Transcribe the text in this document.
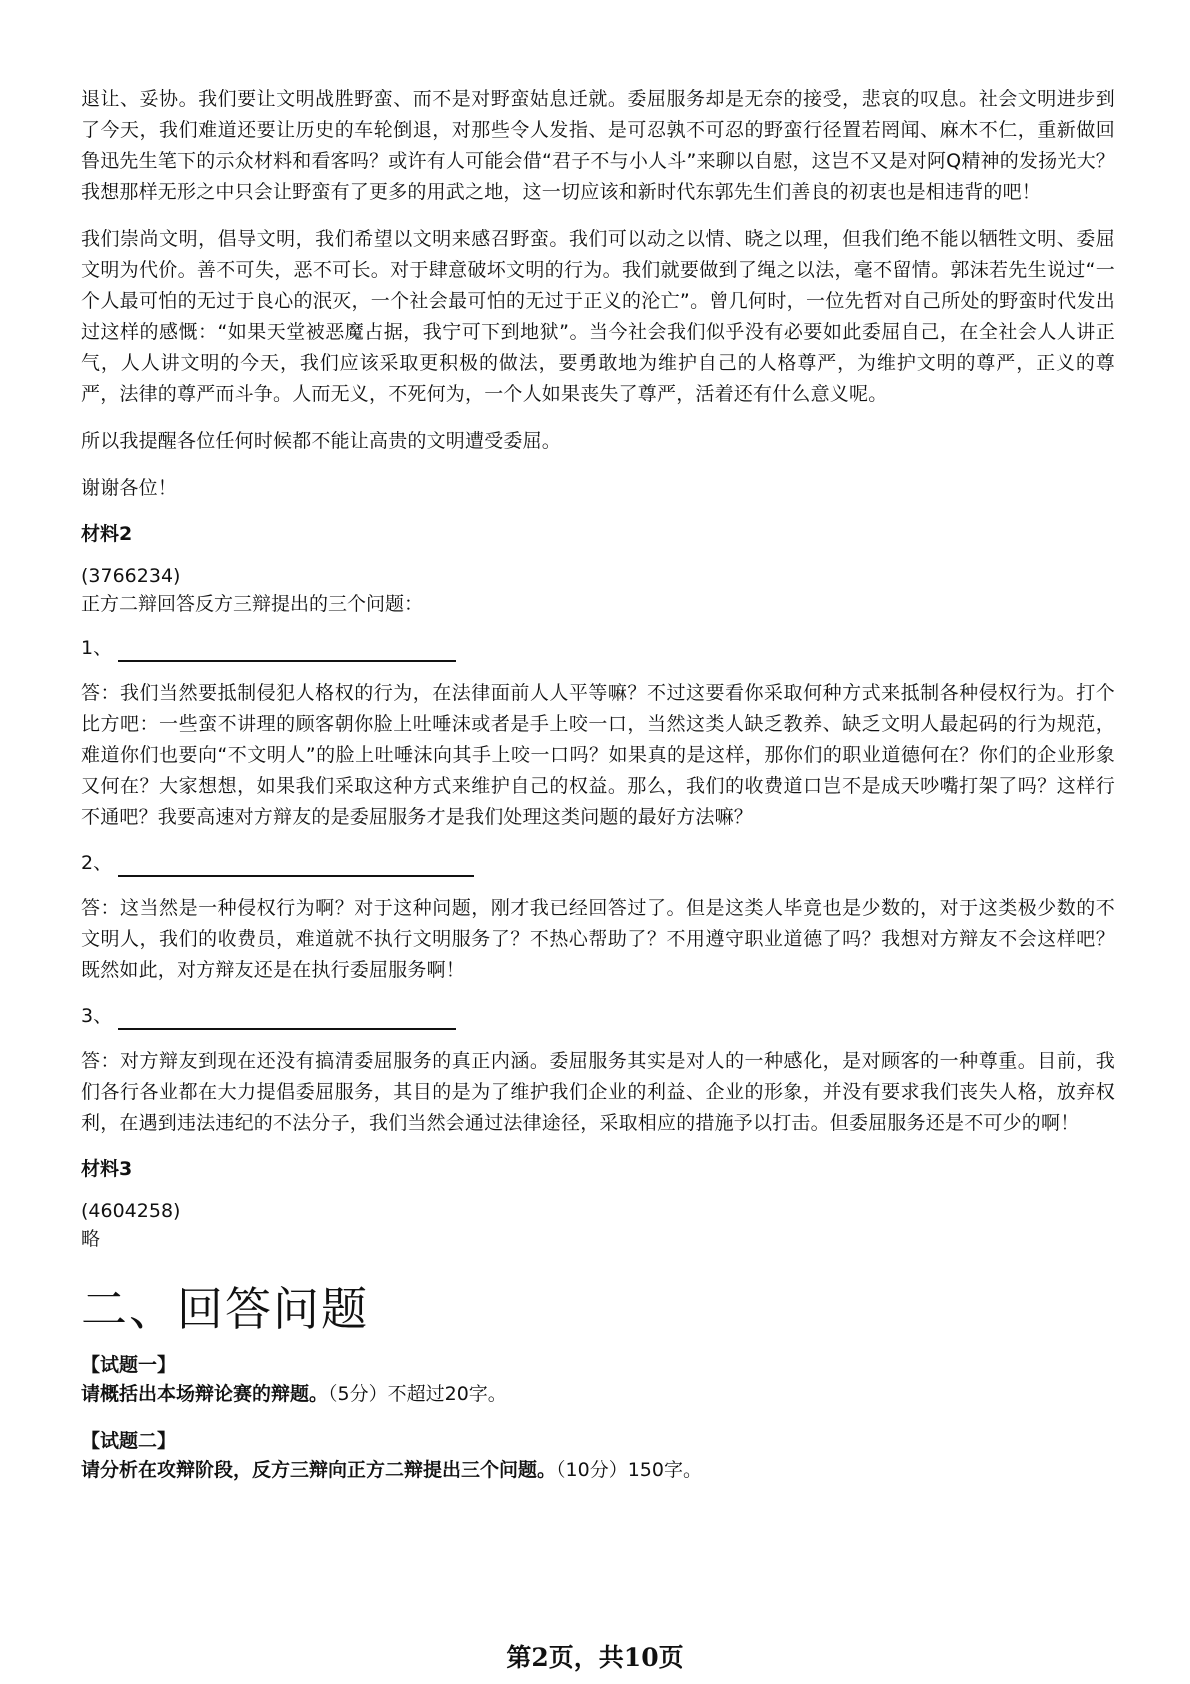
退让、妥协。我们要让文明战胜野蛮、而不是对野蛮姑息迁就。委屈服务却是无奈的接受，悲哀的叹息。社会文明进步到了今天，我们难道还要让历史的车轮倒退，对那些令人发指、是可忍孰不可忍的野蛮行径置若罔闻、麻木不仁，重新做回鲁迅先生笔下的示众材料和看客吗？或许有人可能会借“君子不与小人斗”来聊以自慰，这岂不又是对阿Q精神的发扬光大？我想那样无形之中只会让野蛮有了更多的用武之地，这一切应该和新时代东郭先生们善良的初衷也是相违背的吧！

我们崇尚文明，倡导文明，我们希望以文明来感召野蛮。我们可以动之以情、晓之以理，但我们绝不能以牺牲文明、委屈文明为代价。善不可失，恶不可长。对于肆意破坏文明的行为。我们就要做到了绳之以法，毫不留情。郭沫若先生说过“一个人最可怕的无过于良心的泯灭，一个社会最可怕的无过于正义的沦亡”。曾几何时，一位先哲对自己所处的野蛮时代发出过这样的感慨：“如果天堂被恶魔占据，我宁可下到地狱”。当今社会我们似乎没有必要如此委屈自己，在全社会人人讲正气，人人讲文明的今天，我们应该采取更积极的做法，要勇敢地为维护自己的人格尊严，为维护文明的尊严，正义的尊严，法律的尊严而斗争。人而无义，不死何为，一个人如果丧失了尊严，活着还有什么意义呢。

所以我提醒各位任何时候都不能让高贵的文明遭受委屈。

谢谢各位！

材料2

(3766234)

正方二辩回答反方三辩提出的三个问题：

1、

答：我们当然要抵制侵犯人格权的行为，在法律面前人人平等嘛？不过这要看你采取何种方式来抵制各种侵权行为。打个比方吧：一些蛮不讲理的顾客朝你脸上吐唾沫或者是手上咬一口，当然这类人缺乏教养、缺乏文明人最起码的行为规范，难道你们也要向“不文明人”的脸上吐唾沫向其手上咬一口吗？如果真的是这样，那你们的职业道德何在？你们的企业形象又何在？大家想想，如果我们采取这种方式来维护自己的权益。那么，我们的收费道口岂不是成天吵嘴打架了吗？这样行不通吧？我要高速对方辩友的是委屈服务才是我们处理这类问题的最好方法嘛？

2、

答：这当然是一种侵权行为啊？对于这种问题，刚才我已经回答过了。但是这类人毕竟也是少数的，对于这类极少数的不文明人，我们的收费员，难道就不执行文明服务了？不热心帮助了？不用遵守职业道德了吗？我想对方辩友不会这样吧？既然如此，对方辩友还是在执行委屈服务啊！

3、

答：对方辩友到现在还没有搞清委屈服务的真正内涵。委屈服务其实是对人的一种感化，是对顾客的一种尊重。目前，我们各行各业都在大力提倡委屈服务，其目的是为了维护我们企业的利益、企业的形象，并没有要求我们丧失人格，放弃权利，在遇到违法违纪的不法分子，我们当然会通过法律途径，采取相应的措施予以打击。但委屈服务还是不可少的啊！

材料3

(4604258)

略

二、回答问题

【试题一】

请概括出本场辩论赛的辩题。（5分）不超过20字。

【试题二】

请分析在攻辩阶段，反方三辩向正方二辩提出三个问题。（10分）150字。

第2页，共10页
